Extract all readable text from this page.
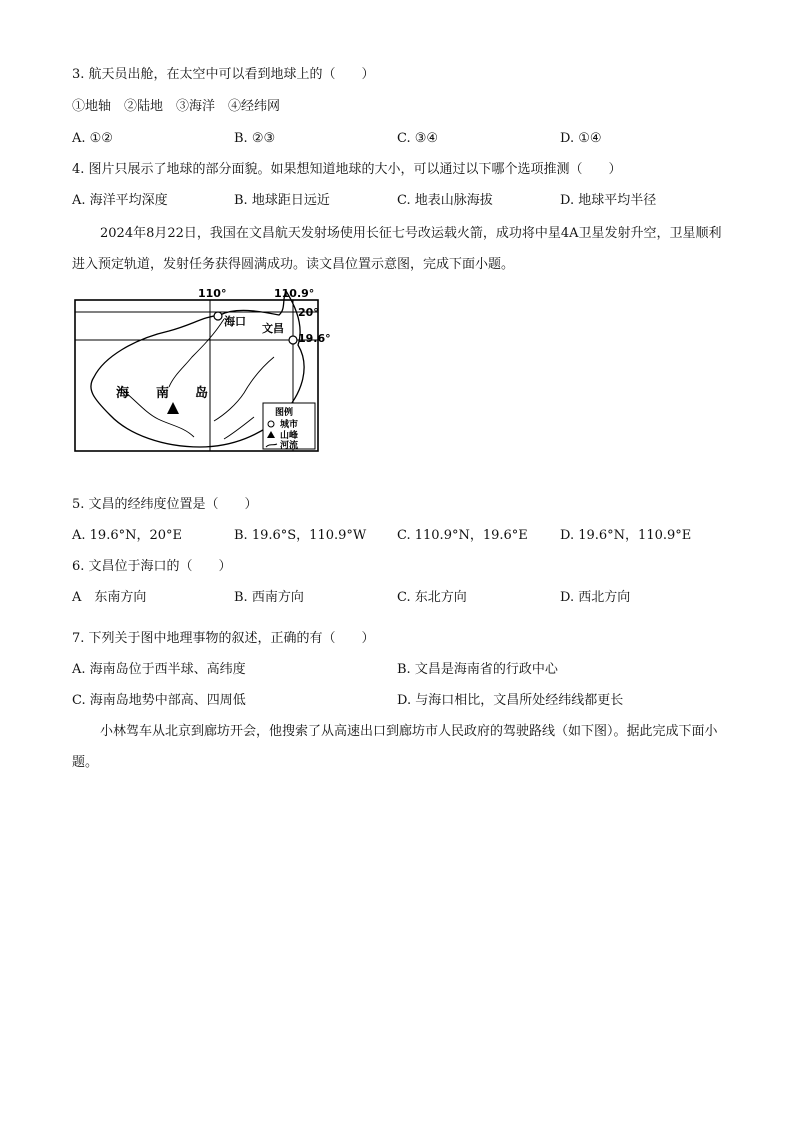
3. 航天员出舱，在太空中可以看到地球上的（　　）
①地轴　②陆地　③海洋　④经纬网
A. ①②	B. ②③	C. ③④	D. ①④
4. 图片只展示了地球的部分面貌。如果想知道地球的大小，可以通过以下哪个选项推测（　　）
A. 海洋平均深度	B. 地球距日远近	C. 地表山脉海拔	D. 地球平均半径
2024年8月22日，我国在文昌航天发射场使用长征七号改运载火箭，成功将中星4A卫星发射升空，卫星顺利进入预定轨道，发射任务获得圆满成功。读文昌位置示意图，完成下面小题。
110°	110.9°
20°
19.6°
海口
文昌
海 南 岛
图例
城市
山峰
河流
5. 文昌的经纬度位置是（　　）
A. 19.6°N，20°E	B. 19.6°S，110.9°W C. 110.9°N，19.6°E D. 19.6°N，110.9°E
6. 文昌位于海口的（　　）
A　东南方向	B. 西南方向	C. 东北方向	D. 西北方向
7. 下列关于图中地理事物的叙述，正确的有（　　）
A. 海南岛位于西半球、高纬度	B. 文昌是海南省的行政中心
C. 海南岛地势中部高、四周低	D. 与海口相比，文昌所处经纬线都更长
小林驾车从北京到廊坊开会，他搜索了从高速出口到廊坊市人民政府的驾驶路线（如下图）。据此完成下面小题。
